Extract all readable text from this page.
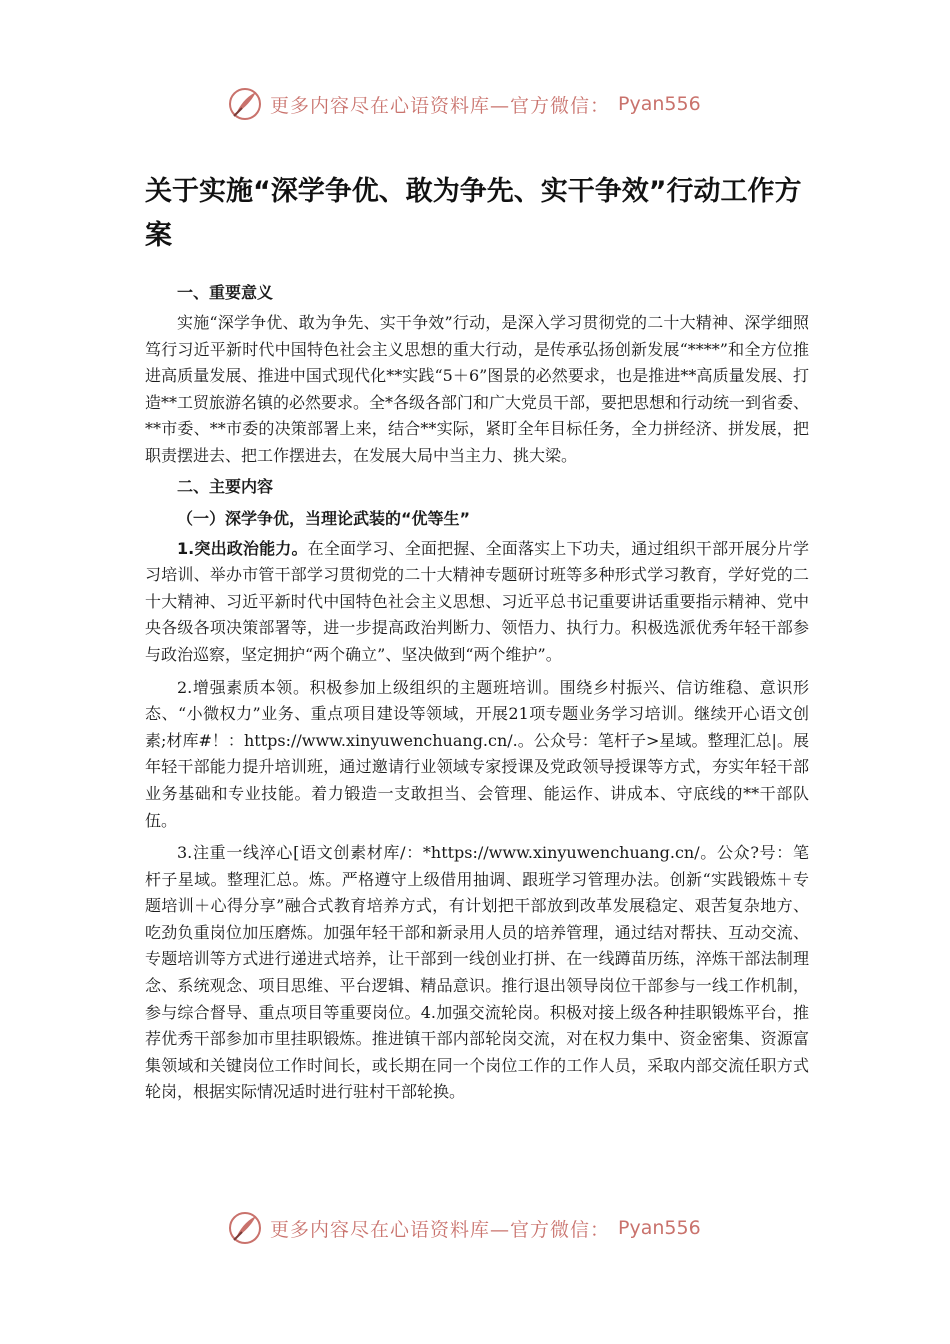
更多内容尽在心语资料库—官方微信： Pyan556
关于实施“深学争优、敢为争先、实干争效”行动工作方案
一、重要意义

实施“深学争优、敢为争先、实干争效”行动，是深入学习贯彻党的二十大精神、深学细照笃行习近平新时代中国特色社会主义思想的重大行动，是传承弘扬创新发展“****”和全方位推进高质量发展、推进中国式现代化**实践“5＋6”图景的必然要求，也是推进**高质量发展、打造**工贸旅游名镇的必然要求。全*各级各部门和广大党员干部，要把思想和行动统一到省委、**市委、**市委的决策部署上来，结合**实际，紧盯全年目标任务，全力拼经济、拼发展，把职责摆进去、把工作摆进去，在发展大局中当主力、挑大梁。

二、主要内容
（一）深学争优，当理论武装的“优等生”

1.突出政治能力。在全面学习、全面把握、全面落实上下功夫，通过组织干部开展分片学习培训、举办市管干部学习贯彻党的二十大精神专题研讨班等多种形式学习教育，学好党的二十大精神、习近平新时代中国特色社会主义思想、习近平总书记重要讲话重要指示精神、党中央各级各项决策部署等，进一步提高政治判断力、领悟力、执行力。积极选派优秀年轻干部参与政治巡察，坚定拥护“两个确立”、坚决做到“两个维护”。

2.增强素质本领。积极参加上级组织的主题班培训。围绕乡村振兴、信访维稳、意识形态、“小微权力”业务、重点项目建设等领域，开展21项专题业务学习培训。继续开心语文创素;材库#！：https://www.xinyuwenchuang.cn/.。公众号：笔杆子>星域。整理汇总|。展年轻干部能力提升培训班，通过邀请行业领域专家授课及党政领导授课等方式，夯实年轻干部业务基础和专业技能。着力锻造一支敢担当、会管理、能运作、讲成本、守底线的**干部队伍。

3.注重一线淬心[语文创素材库/：*https://www.xinyuwenchuang.cn/。公众?号：笔杆子星域。整理汇总。炼。严格遵守上级借用抽调、跟班学习管理办法。创新“实践锻炼＋专题培训＋心得分享”融合式教育培养方式，有计划把干部放到改革发展稳定、艰苦复杂地方、吃劲负重岗位加压磨炼。加强年轻干部和新录用人员的培养管理，通过结对帮扶、互动交流、专题培训等方式进行递进式培养，让干部到一线创业打拼、在一线蹲苗历练，淬炼干部法制理念、系统观念、项目思维、平台逻辑、精品意识。推行退出领导岗位干部参与一线工作机制，参与综合督导、重点项目等重要岗位。4.加强交流轮岗。积极对接上级各种挂职锻炼平台，推荐优秀干部参加市里挂职锻炼。推进镇干部内部轮岗交流，对在权力集中、资金密集、资源富集领域和关键岗位工作时间长，或长期在同一个岗位工作的工作人员，采取内部交流任职方式轮岗，根据实际情况适时进行驻村干部轮换。

更多内容尽在心语资料库—官方微信： Pyan556
